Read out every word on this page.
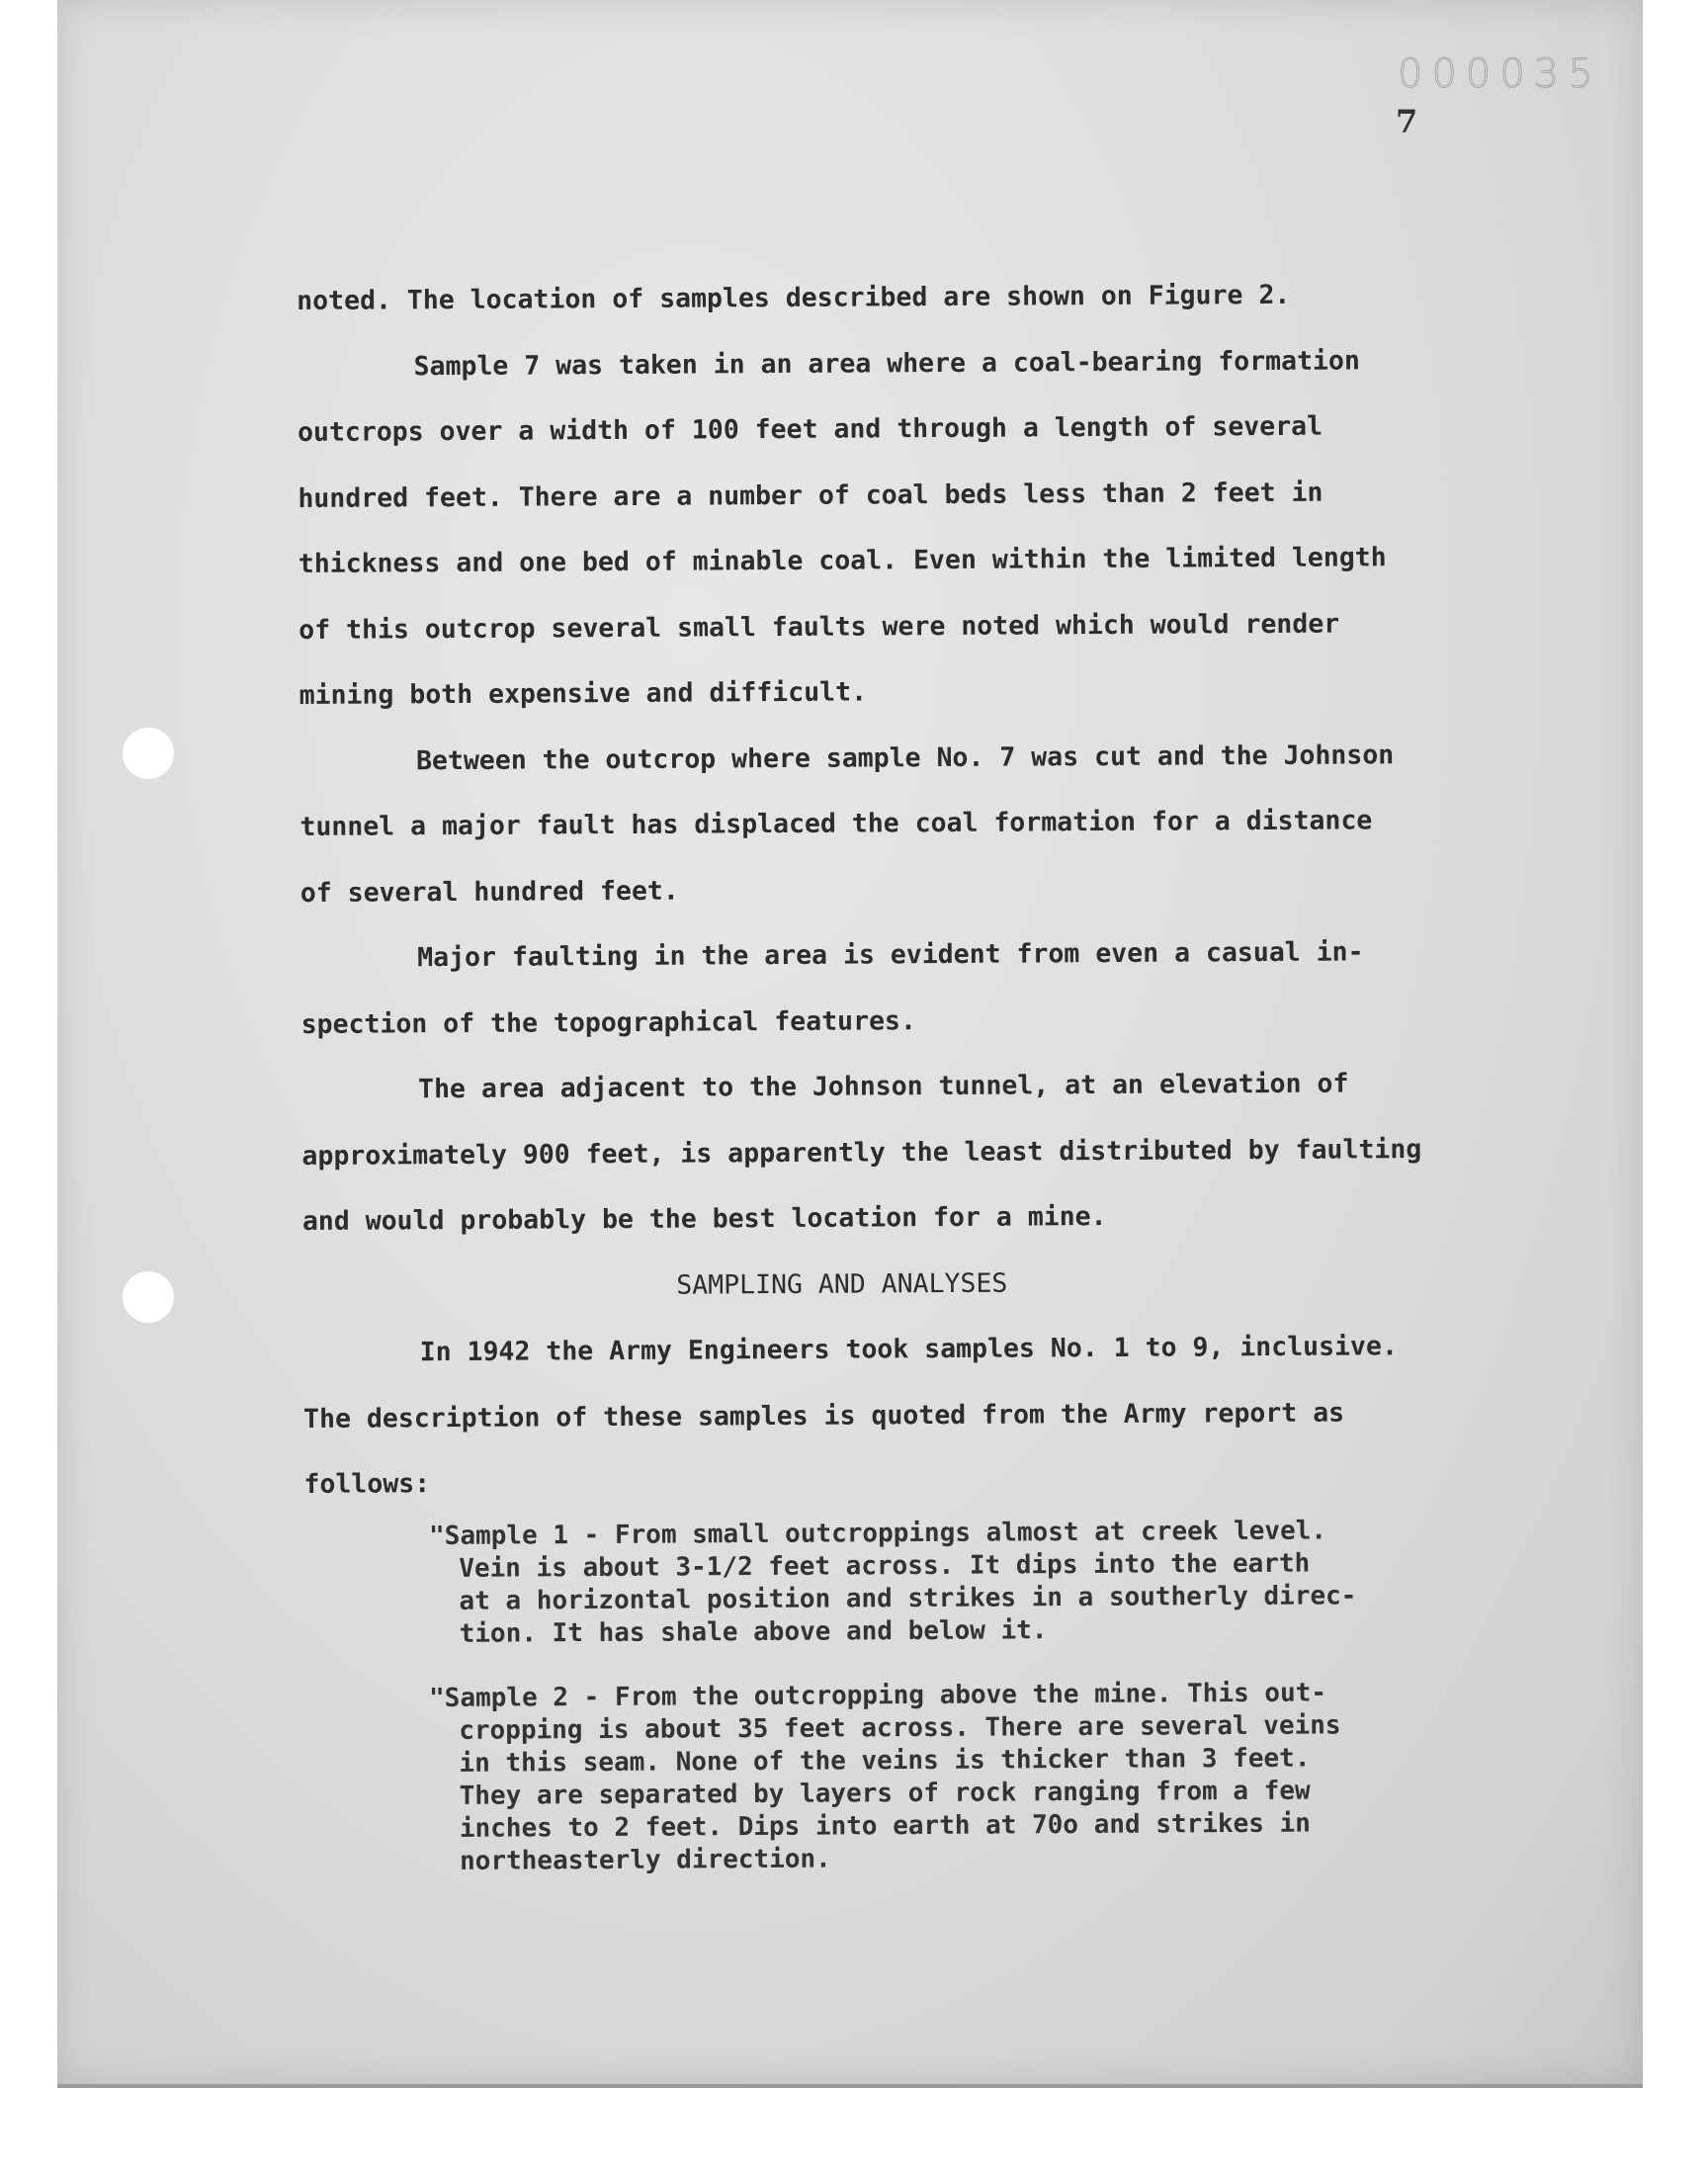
000035
7

noted. The location of samples described are shown on Figure 2.

Sample 7 was taken in an area where a coal-bearing formation

outcrops over a width of 100 feet and through a length of several

hundred feet. There are a number of coal beds less than 2 feet in

thickness and one bed of minable coal. Even within the limited length

of this outcrop several small faults were noted which would render

mining both expensive and difficult.

Between the outcrop where sample No. 7 was cut and the Johnson

tunnel a major fault has displaced the coal formation for a distance

of several hundred feet.

Major faulting in the area is evident from even a casual in-

spection of the topographical features.

The area adjacent to the Johnson tunnel, at an elevation of

approximately 900 feet, is apparently the least distributed by faulting

and would probably be the best location for a mine.

SAMPLING AND ANALYSES

In 1942 the Army Engineers took samples No. 1 to 9, inclusive.

The description of these samples is quoted from the Army report as

follows:

"Sample 1 - From small outcroppings almost at creek level.

Vein is about 3-1/2 feet across. It dips into the earth

at a horizontal position and strikes in a southerly direc-

tion. It has shale above and below it.

"Sample 2 - From the outcropping above the mine. This out-

cropping is about 35 feet across. There are several veins

in this seam. None of the veins is thicker than 3 feet.

They are separated by layers of rock ranging from a few

inches to 2 feet. Dips into earth at 70o and strikes in

northeasterly direction.
